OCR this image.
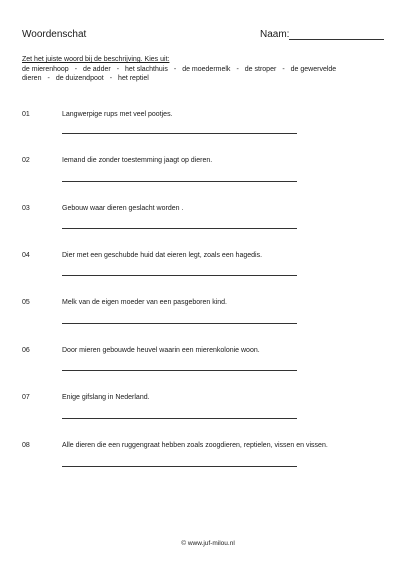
Woordenschat	Naam:
Zet het juiste woord bij de beschrijving. Kies uit:
de mierenhoop - de adder - het slachthuis - de moedermelk - de stroper - de gewervelde
dieren - de duizendpoot - het reptiel
01	Langwerpige rups met veel pootjes.
02	Iemand die zonder toestemming jaagt op dieren.
03	Gebouw waar dieren geslacht worden .
04	Dier met een geschubde huid dat eieren legt, zoals een hagedis.
05	Melk van de eigen moeder van een pasgeboren kind.
06	Door mieren gebouwde heuvel waarin een mierenkolonie woon.
07	Enige gifslang in Nederland.
08	Alle dieren die een ruggengraat hebben zoals zoogdieren, reptielen, vissen en vissen.
© www.juf-milou.nl
